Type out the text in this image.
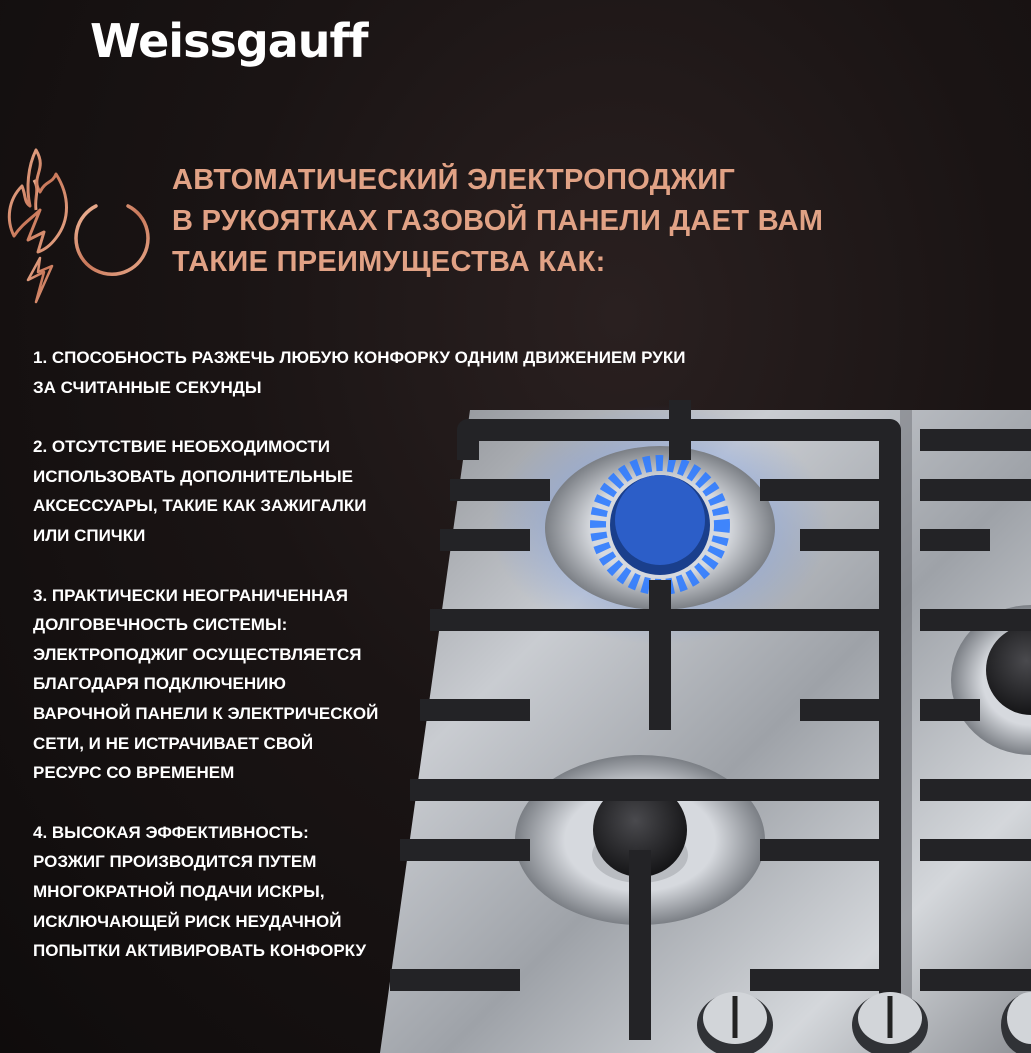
Weissgauff
АВТОМАТИЧЕСКИЙ ЭЛЕКТРОПОДЖИГ
В РУКОЯТКАХ ГАЗОВОЙ ПАНЕЛИ ДАЕТ ВАМ
ТАКИЕ ПРЕИМУЩЕСТВА КАК:
1. СПОСОБНОСТЬ РАЗЖЕЧЬ ЛЮБУЮ КОНФОРКУ ОДНИМ ДВИЖЕНИЕМ РУКИ
ЗА СЧИТАННЫЕ СЕКУНДЫ
2. ОТСУТСТВИЕ НЕОБХОДИМОСТИ
ИСПОЛЬЗОВАТЬ ДОПОЛНИТЕЛЬНЫЕ
АКСЕССУАРЫ, ТАКИЕ КАК ЗАЖИГАЛКИ
ИЛИ СПИЧКИ
3. ПРАКТИЧЕСКИ НЕОГРАНИЧЕННАЯ
ДОЛГОВЕЧНОСТЬ СИСТЕМЫ:
ЭЛЕКТРОПОДЖИГ ОСУЩЕСТВЛЯЕТСЯ
БЛАГОДАРЯ ПОДКЛЮЧЕНИЮ
ВАРОЧНОЙ ПАНЕЛИ К ЭЛЕКТРИЧЕСКОЙ
СЕТИ, И НЕ ИСТРАЧИВАЕТ СВОЙ
РЕСУРС СО ВРЕМЕНЕМ
4. ВЫСОКАЯ ЭФФЕКТИВНОСТЬ:
РОЗЖИГ ПРОИЗВОДИТСЯ ПУТЕМ
МНОГОКРАТНОЙ ПОДАЧИ ИСКРЫ,
ИСКЛЮЧАЮЩЕЙ РИСК НЕУДАЧНОЙ
ПОПЫТКИ АКТИВИРОВАТЬ КОНФОРКУ
